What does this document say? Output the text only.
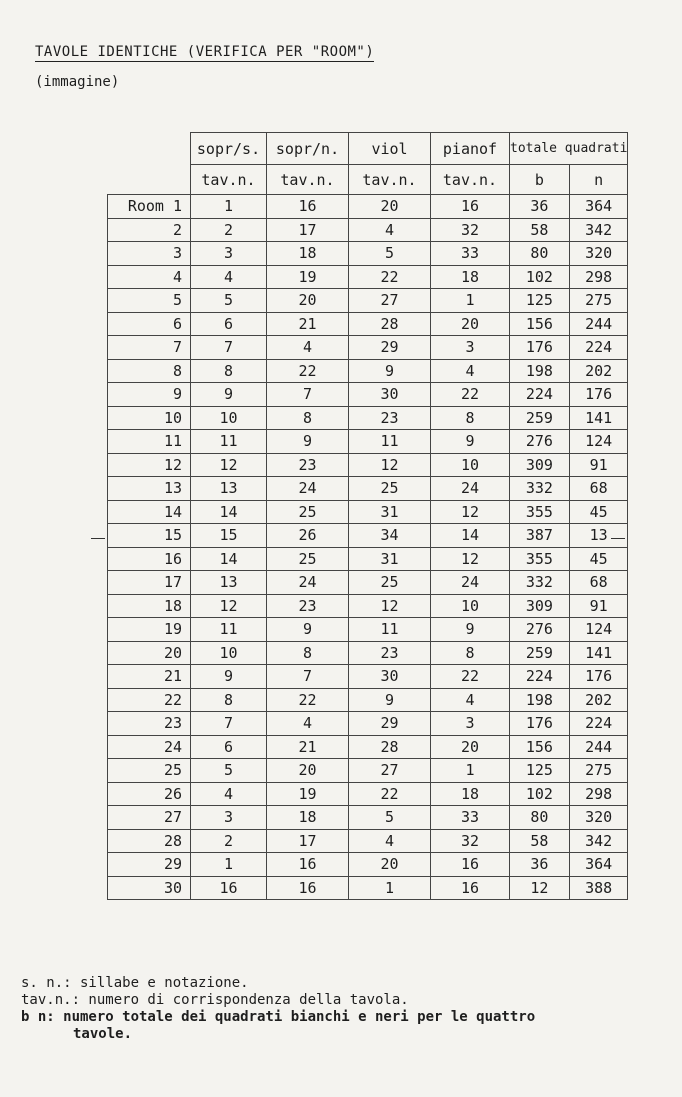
TAVOLE IDENTICHE (VERIFICA PER "ROOM")
(immagine)
	sopr/s.	sopr/n.	viol	pianof	totale quadrati	
	tav.n.	tav.n.	tav.n.	tav.n.	b	n
Room 1	1	16	20	16	36	364
2	2	17	4	32	58	342
3	3	18	5	33	80	320
4	4	19	22	18	102	298
5	5	20	27	1	125	275
6	6	21	28	20	156	244
7	7	4	29	3	176	224
8	8	22	9	4	198	202
9	9	7	30	22	224	176
10	10	8	23	8	259	141
11	11	9	11	9	276	124
12	12	23	12	10	309	91
13	13	24	25	24	332	68
14	14	25	31	12	355	45
15	15	26	34	14	387	13
16	14	25	31	12	355	45
17	13	24	25	24	332	68
18	12	23	12	10	309	91
19	11	9	11	9	276	124
20	10	8	23	8	259	141
21	9	7	30	22	224	176
22	8	22	9	4	198	202
23	7	4	29	3	176	224
24	6	21	28	20	156	244
25	5	20	27	1	125	275
26	4	19	22	18	102	298
27	3	18	5	33	80	320
28	2	17	4	32	58	342
29	1	16	20	16	36	364
30	16	16	1	16	12	388
s. n.: sillabe e notazione.
tav.n.: numero di corrispondenza della tavola.
b n: numero totale dei quadrati bianchi e neri per le quattro
tavole.
